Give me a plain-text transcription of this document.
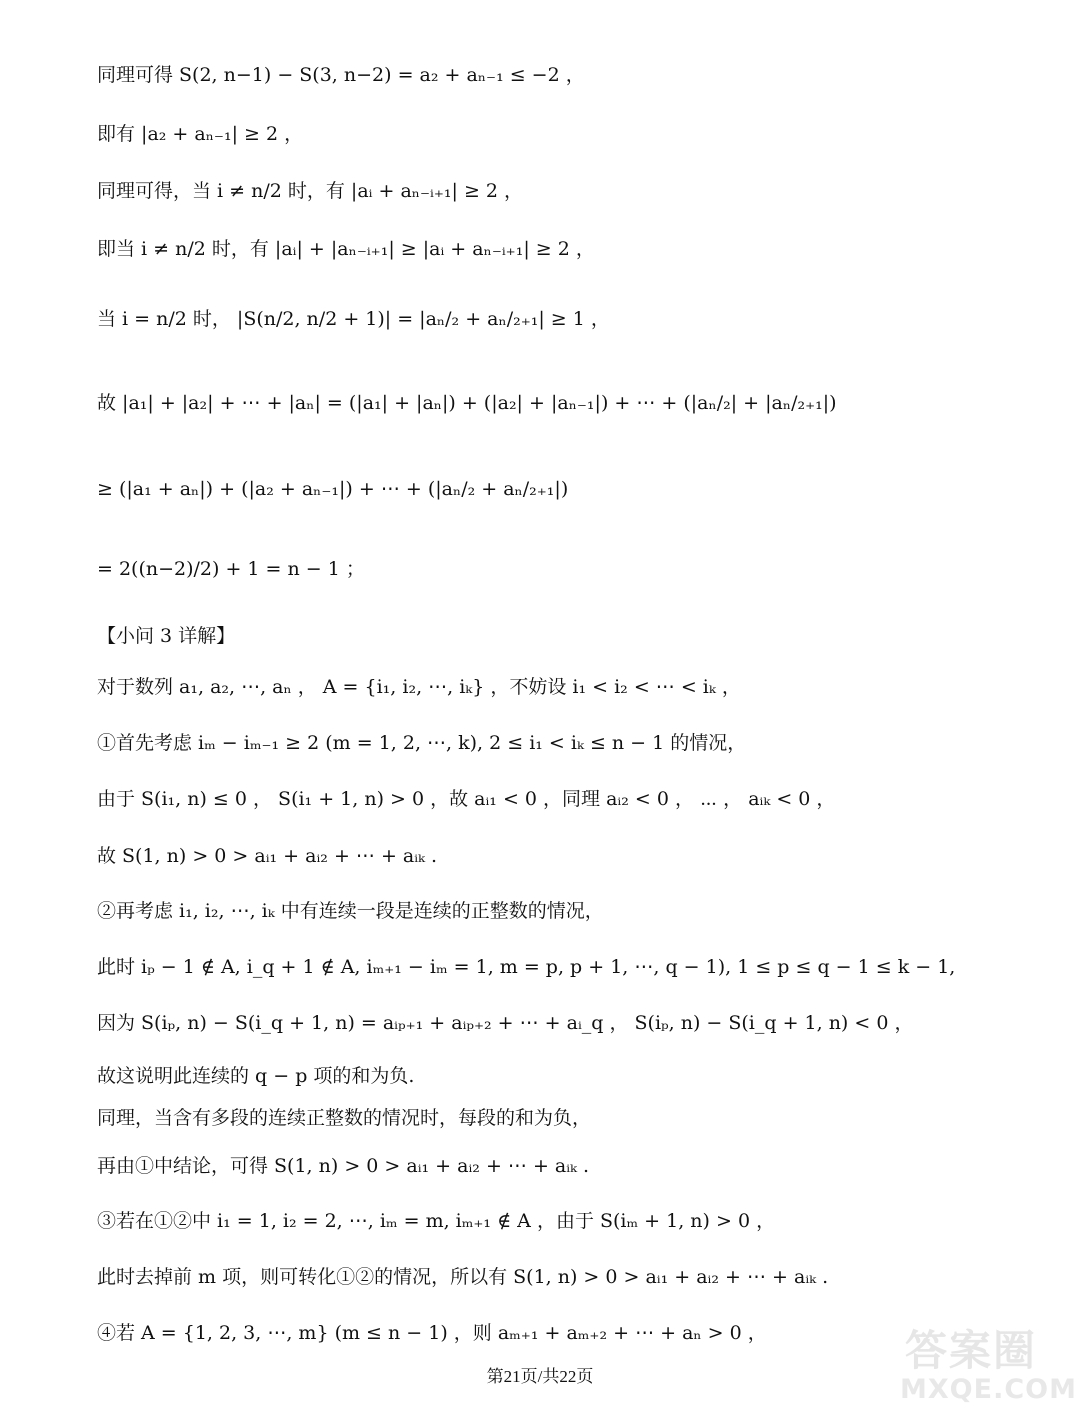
同理可得 S(2, n−1) − S(3, n−2) = a₂ + aₙ₋₁ ≤ −2 ，
即有 |a₂ + aₙ₋₁| ≥ 2 ，
同理可得，当 i ≠ n/2 时，有 |aᵢ + aₙ₋ᵢ₊₁| ≥ 2 ，
即当 i ≠ n/2 时，有 |aᵢ| + |aₙ₋ᵢ₊₁| ≥ |aᵢ + aₙ₋ᵢ₊₁| ≥ 2 ，
当 i = n/2 时， |S(n/2, n/2 + 1)| = |aₙ/₂ + aₙ/₂₊₁| ≥ 1 ，
故 |a₁| + |a₂| + ⋯ + |aₙ| = (|a₁| + |aₙ|) + (|a₂| + |aₙ₋₁|) + ⋯ + (|aₙ/₂| + |aₙ/₂₊₁|)
≥ (|a₁ + aₙ|) + (|a₂ + aₙ₋₁|) + ⋯ + (|aₙ/₂ + aₙ/₂₊₁|)
= 2((n−2)/2) + 1 = n − 1 ；
【小问 3 详解】
对于数列 a₁, a₂, ⋯, aₙ ， A = {i₁, i₂, ⋯, iₖ} ，不妨设 i₁ < i₂ < ⋯ < iₖ ，
①首先考虑 iₘ − iₘ₋₁ ≥ 2 (m = 1, 2, ⋯, k), 2 ≤ i₁ < iₖ ≤ n − 1 的情况，
由于 S(i₁, n) ≤ 0 ， S(i₁ + 1, n) > 0 ，故 aᵢ₁ < 0 ，同理 aᵢ₂ < 0 ， ⋯ ， aᵢₖ < 0 ，
故 S(1, n) > 0 > aᵢ₁ + aᵢ₂ + ⋯ + aᵢₖ .
②再考虑 i₁, i₂, ⋯, iₖ 中有连续一段是连续的正整数的情况，
此时 iₚ − 1 ∉ A, i_q + 1 ∉ A, iₘ₊₁ − iₘ = 1, m = p, p + 1, ⋯, q − 1), 1 ≤ p ≤ q − 1 ≤ k − 1,
因为 S(iₚ, n) − S(i_q + 1, n) = aᵢₚ₊₁ + aᵢₚ₊₂ + ⋯ + aᵢ_q ， S(iₚ, n) − S(i_q + 1, n) < 0 ，
故这说明此连续的 q − p 项的和为负.
同理，当含有多段的连续正整数的情况时，每段的和为负，
再由①中结论，可得 S(1, n) > 0 > aᵢ₁ + aᵢ₂ + ⋯ + aᵢₖ .
③若在①②中 i₁ = 1, i₂ = 2, ⋯, iₘ = m, iₘ₊₁ ∉ A ，由于 S(iₘ + 1, n) > 0 ，
此时去掉前 m 项，则可转化①②的情况，所以有 S(1, n) > 0 > aᵢ₁ + aᵢ₂ + ⋯ + aᵢₖ .
④若 A = {1, 2, 3, ⋯, m} (m ≤ n − 1) ，则 aₘ₊₁ + aₘ₊₂ + ⋯ + aₙ > 0 ，
第21页/共22页
答案圈
MXQE.COM
